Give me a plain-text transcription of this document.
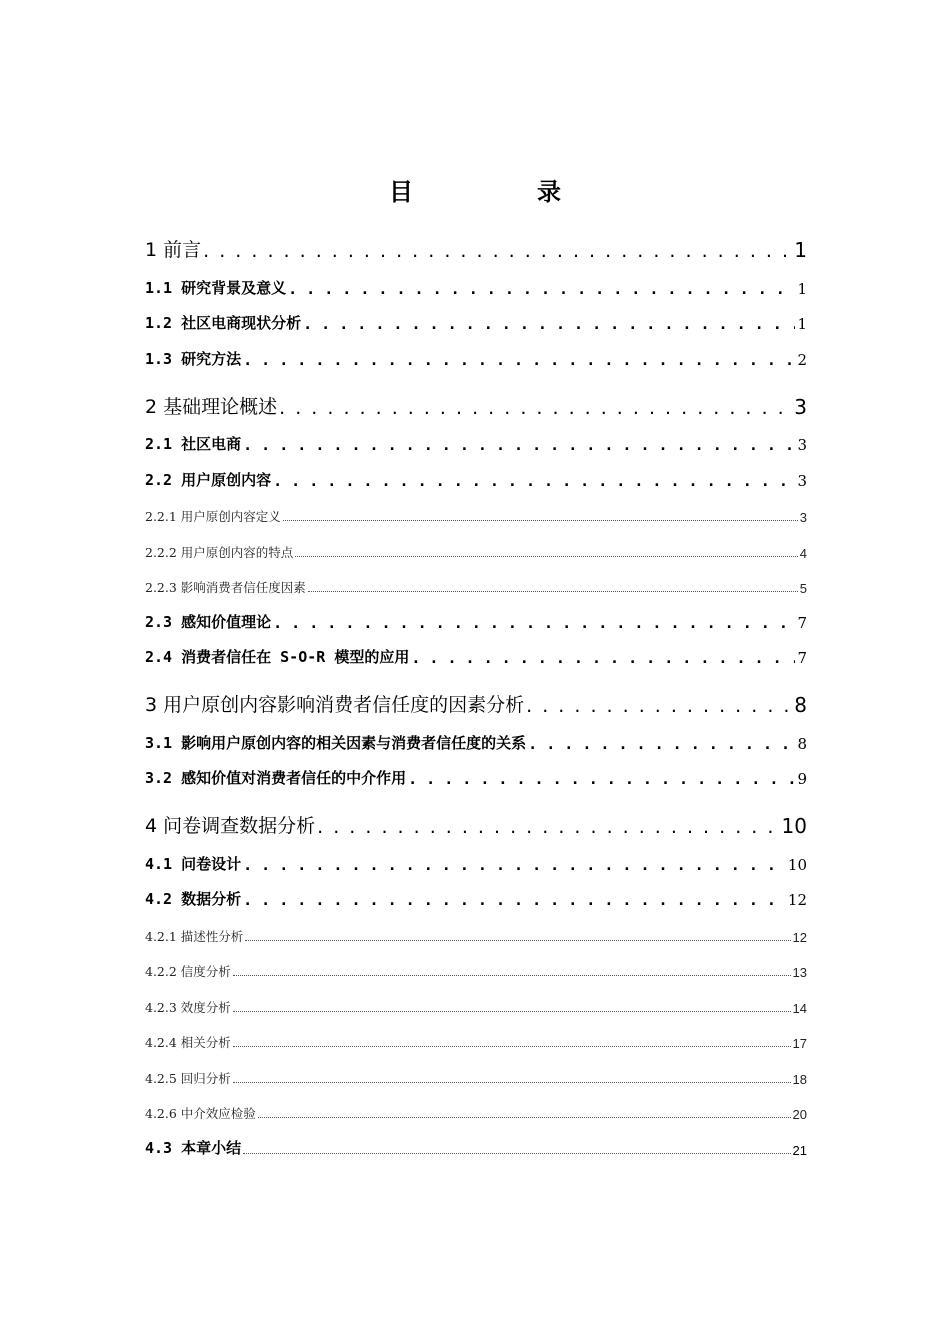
目　录
1 前言 . . .	1
1.1 研究背景及意义 . . .	1
1.2 社区电商现状分析 . . .	1
1.3 研究方法 . . .	2
2 基础理论概述 . . .	3
2.1 社区电商 . . .	3
2.2 用户原创内容 . . .	3
2.2.1 用户原创内容定义	3
2.2.2 用户原创内容的特点	4
2.2.3 影响消费者信任度因素	5
2.3 感知价值理论 . . .	7
2.4 消费者信任在 S-O-R 模型的应用 . . .	7
3 用户原创内容影响消费者信任度的因素分析 . . .	8
3.1 影响用户原创内容的相关因素与消费者信任度的关系 . . .	8
3.2 感知价值对消费者信任的中介作用 . . .	9
4 问卷调查数据分析 . . .	10
4.1 问卷设计 . . .	10
4.2 数据分析 . . .	12
4.2.1 描述性分析	12
4.2.2 信度分析	13
4.2.3 效度分析	14
4.2.4 相关分析	17
4.2.5 回归分析	18
4.2.6 中介效应检验	20
4.3 本章小结	21
